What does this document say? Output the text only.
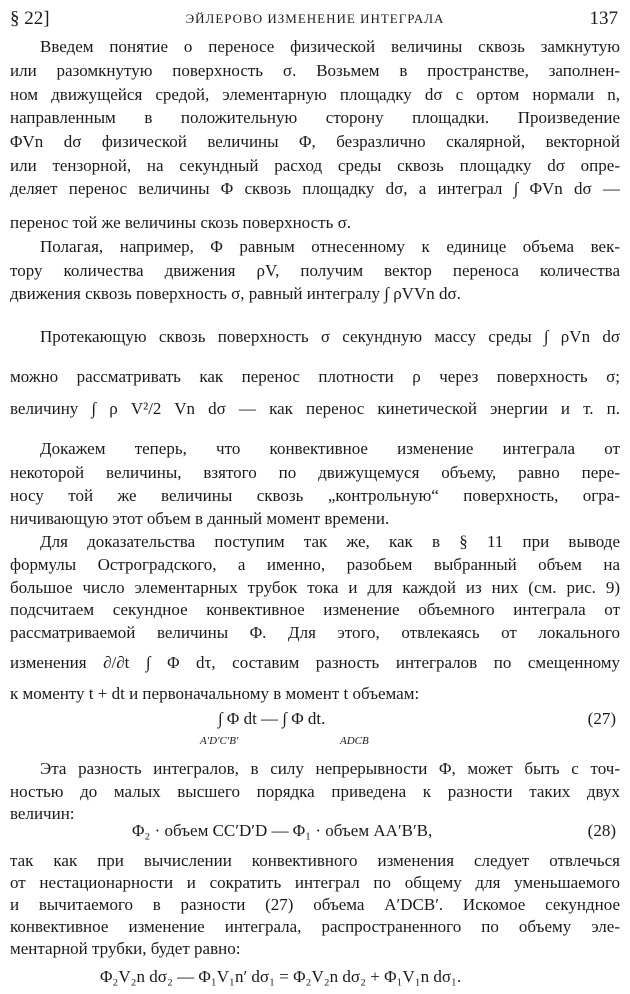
§ 22]	ЭЙЛЕРОВО ИЗМЕНЕНИЕ ИНТЕГРАЛА	137
Введем понятие о переносе физической величины сквозь замкнутую
или разомкнутую поверхность σ. Возьмем в пространстве, заполнен-
ном движущейся средой, элементарную площадку dσ с ортом нормали n,
направленным в положительную сторону площадки. Произведение
ΦVn dσ физической величины Φ, безразлично скалярной, векторной
или тензорной, на секундный расход среды сквозь площадку dσ опре-
деляет перенос величины Φ сквозь площадку dσ, а интеграл ∫ ΦVn dσ —
перенос той же величины скозь поверхность σ.
Полагая, например, Φ равным отнесенному к единице объема век-
тору количества движения ρV, получим вектор переноса количества
движения сквозь поверхность σ, равный интегралу ∫ ρVVn dσ.
Протекающую сквозь поверхность σ секундную массу среды ∫ ρVn dσ
можно рассматривать как перенос плотности ρ через поверхность σ;
величину ∫ ρ V²/2 Vn dσ — как перенос кинетической энергии и т. п.
Докажем теперь, что конвективное изменение интеграла от
некоторой величины, взятого по движущемуся объему, равно пере-
носу той же величины сквозь „контрольную“ поверхность, огра-
ничивающую этот объем в данный момент времени.
Для доказательства поступим так же, как в § 11 при выводе
формулы Остроградского, а именно, разобьем выбранный объем на
большое число элементарных трубок тока и для каждой из них (см. рис. 9)
подсчитаем секундное конвективное изменение объемного интеграла от
рассматриваемой величины Φ. Для этого, отвлекаясь от локального
изменения ∂/∂t ∫ Φ dτ, составим разность интегралов по смещенному
к моменту t + dt и первоначальному в момент t объемам:
∫ Φ dt — ∫ Φ dt.
A′D′C′B′	ADCB
(27)
Эта разность интегралов, в силу непрерывности Φ, может быть с точ-
ностью до малых высшего порядка приведена к разности таких двух
величин:
Φ₂ · объем CC′D′D — Φ₁ · объем AA′B′B,	(28)
так как при вычислении конвективного изменения следует отвлечься
от нестационарности и сократить интеграл по общему для уменьшаемого
и вычитаемого в разности (27) объема A′DCB′. Искомое секундное
конвективное изменение интеграла, распространенного по объему эле-
ментарной трубки, будет равно:
Φ₂V₂n dσ₂ — Φ₁V₁n′ dσ₁ = Φ₂V₂n dσ₂ + Φ₁V₁n dσ₁.
